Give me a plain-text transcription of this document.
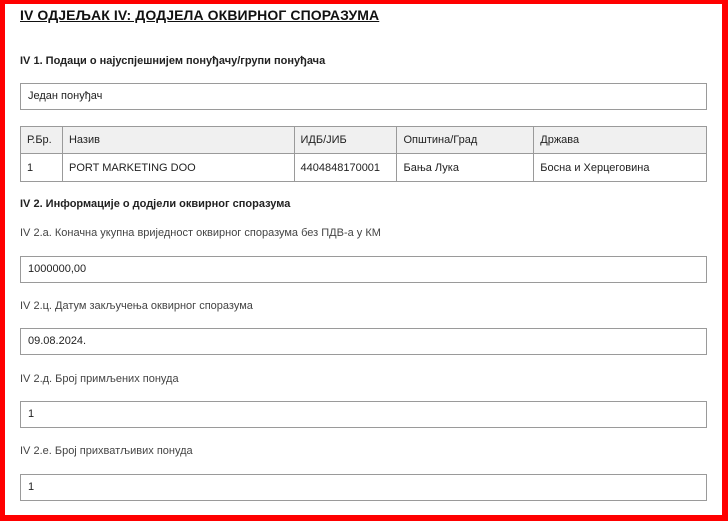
IV ОДЈЕЉАК IV: ДОДЈЕЛА ОКВИРНОГ СПОРАЗУМА
IV 1. Подаци о најуспјешнијем понуђачу/групи понуђача
Један понуђач
Р.Бр.	Назив	ИДБ/ЈИБ	Општина/Град	Држава
1	PORT MARKETING DOO	4404848170001	Бања Лука	Босна и Херцеговина
IV 2. Информације о додјели оквирног споразума
IV 2.а. Коначна укупна вриједност оквирног споразума без ПДВ-а у КМ
1000000,00
IV 2.ц. Датум закључења оквирног споразума
09.08.2024.
IV 2.д. Број примљених понуда
1
IV 2.е. Број прихватљивих понуда
1
